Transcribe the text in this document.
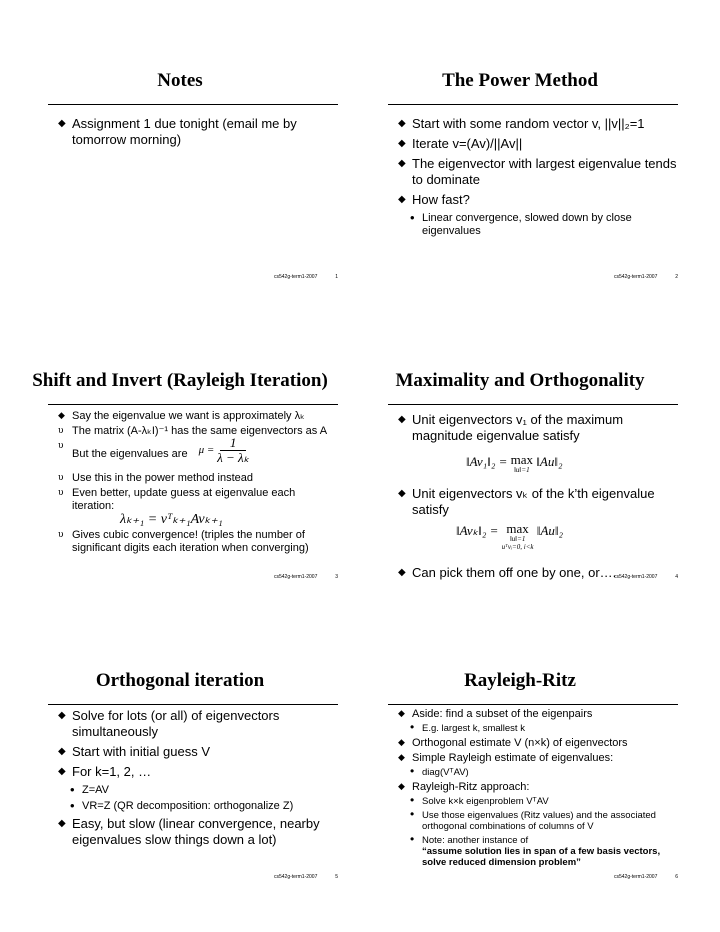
Notes
◆ Assignment 1 due tonight (email me by tomorrow morning)
cs542g-term1-2007	1
The Power Method
◆ Start with some random vector v, ||v||₂=1
◆ Iterate v=(Av)/||Av||
◆ The eigenvector with largest eigenvalue tends to dominate
◆ How fast?
• Linear convergence, slowed down by close eigenvalues
cs542g-term1-2007	2
Shift and Invert (Rayleigh Iteration)
◆ Say the eigenvalue we want is approximately λₖ
υ The matrix (A-λₖI)⁻¹ has the same eigenvectors as A
υ
But the eigenvalues are $\mu = \frac{1}{\text{λ − λₖ}}$
υ Use this in the power method instead
υ Even better, update guess at eigenvalue each iteration:
λₖ₊₁ = vᵀₖ₊₁Avₖ₊₁
υ Gives cubic convergence! (triples the number of significant digits each iteration when converging)
cs542g-term1-2007	3
Maximality and Orthogonality
◆ Unit eigenvectors v₁ of the maximum magnitude eigenvalue satisfy
‖Av₁‖₂ = max
‖u‖=1
‖Au‖₂
◆ Unit eigenvectors vₖ of the k’th eigenvalue satisfy
‖Avₖ‖₂ = max
‖u‖=1
uᵀvᵢ=0, i<k
‖Au‖₂
◆ Can pick them off one by one, or….
cs542g-term1-2007	4
Orthogonal iteration
◆ Solve for lots (or all) of eigenvectors simultaneously
◆ Start with initial guess V
◆ For k=1, 2, …
• Z=AV
• VR=Z (QR decomposition: orthogonalize Z)
◆ Easy, but slow (linear convergence, nearby eigenvalues slow things down a lot)
cs542g-term1-2007	5
Rayleigh-Ritz
◆ Aside: find a subset of the eigenpairs
• E.g. largest k, smallest k
◆ Orthogonal estimate V (n×k) of eigenvectors
◆ Simple Rayleigh estimate of eigenvalues:
• diag(VᵀAV)
◆ Rayleigh-Ritz approach:
• Solve k×k eigenproblem VᵀAV
• Use those eigenvalues (Ritz values) and the associated orthogonal combinations of columns of V
• Note: another instance of
“assume solution lies in span of a few basis vectors, solve reduced dimension problem”
cs542g-term1-2007	6
